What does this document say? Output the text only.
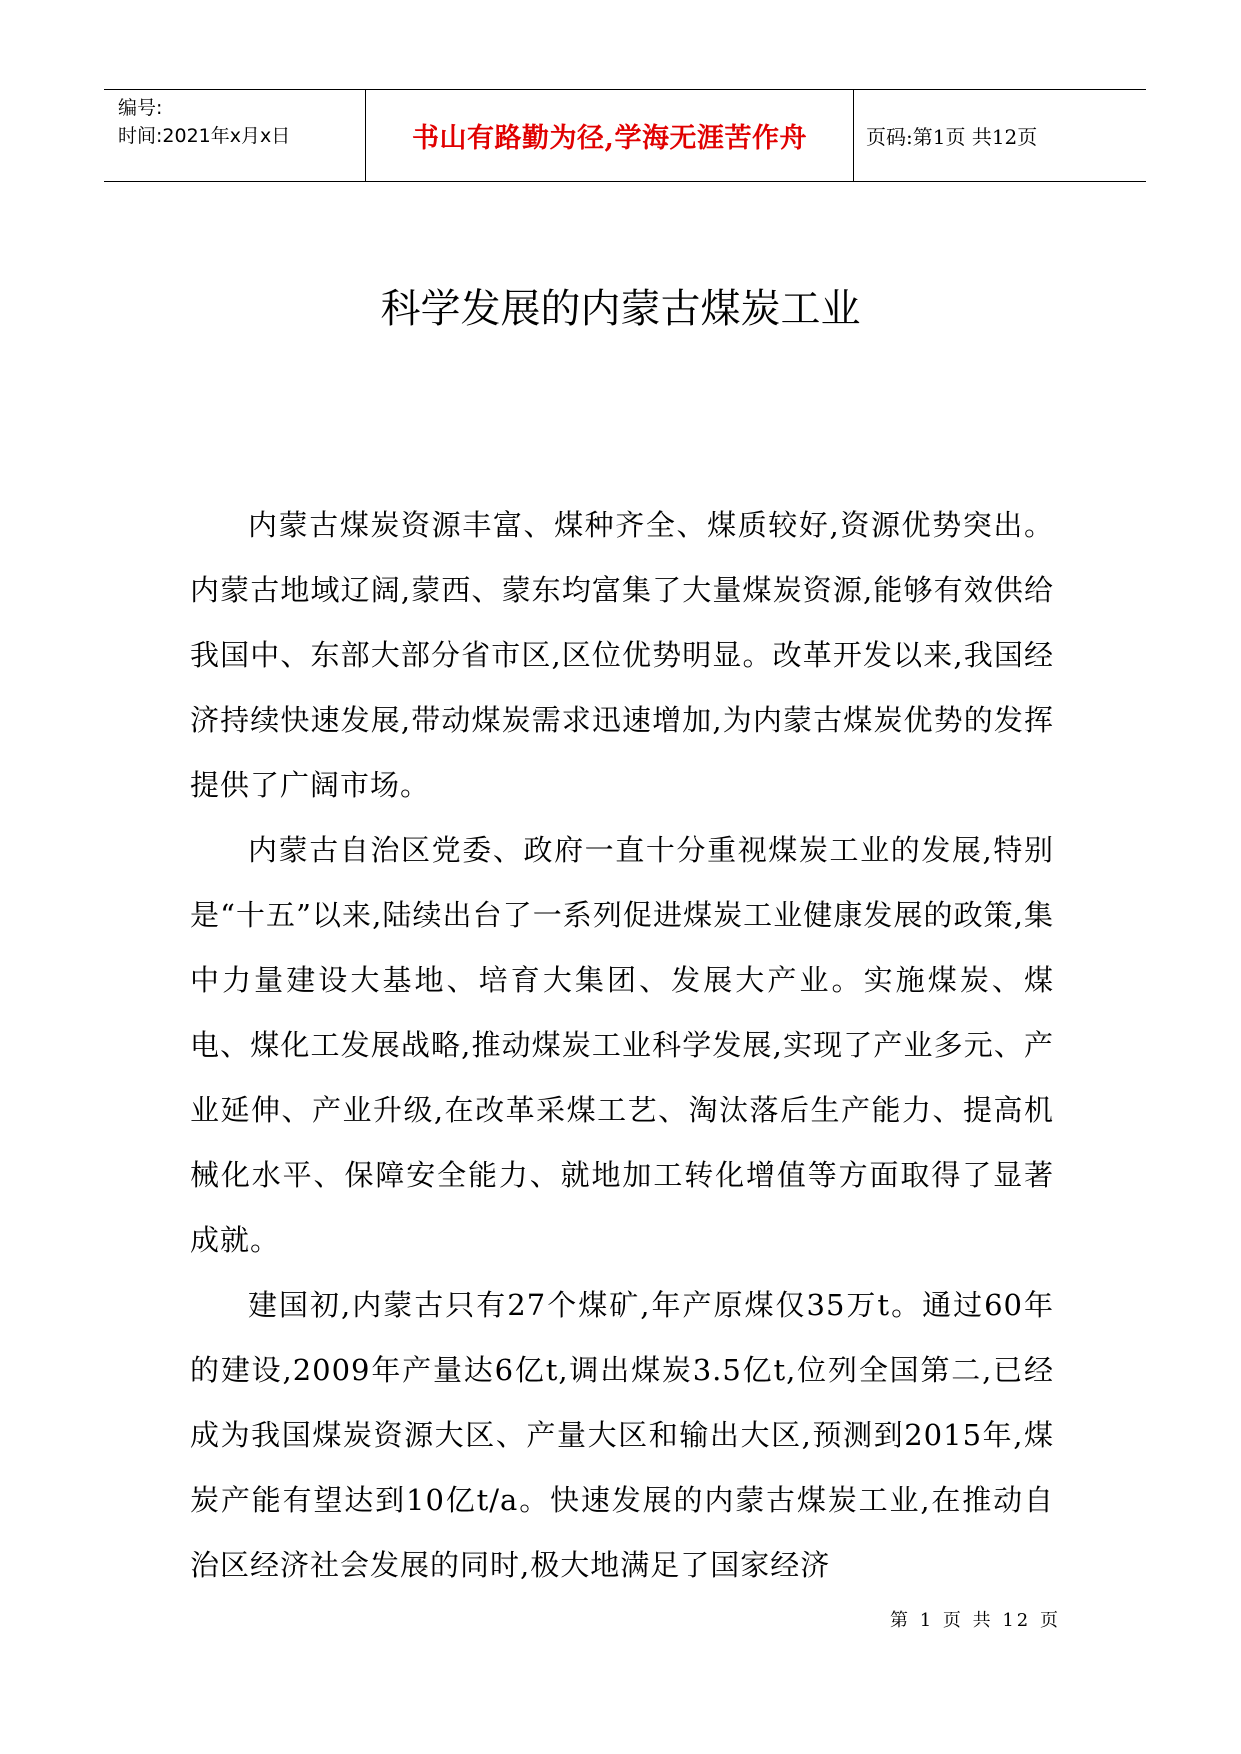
编号:
时间:2021年x月x日	书山有路勤为径,学海无涯苦作舟	页码:第1页 共12页
科学发展的内蒙古煤炭工业

内蒙古煤炭资源丰富、煤种齐全、煤质较好,资源优势突出。内蒙古地域辽阔,蒙西、蒙东均富集了大量煤炭资源,能够有效供给我国中、东部大部分省市区,区位优势明显。改革开发以来,我国经济持续快速发展,带动煤炭需求迅速增加,为内蒙古煤炭优势的发挥提供了广阔市场。

内蒙古自治区党委、政府一直十分重视煤炭工业的发展,特别是“十五”以来,陆续出台了一系列促进煤炭工业健康发展的政策,集中力量建设大基地、培育大集团、发展大产业。实施煤炭、煤电、煤化工发展战略,推动煤炭工业科学发展,实现了产业多元、产业延伸、产业升级,在改革采煤工艺、淘汰落后生产能力、提高机械化水平、保障安全能力、就地加工转化增值等方面取得了显著成就。

建国初,内蒙古只有27个煤矿,年产原煤仅35万t。通过60年的建设,2009年产量达6亿t,调出煤炭3.5亿t,位列全国第二,已经成为我国煤炭资源大区、产量大区和输出大区,预测到2015年,煤炭产能有望达到10亿t/a。快速发展的内蒙古煤炭工业,在推动自治区经济社会发展的同时,极大地满足了国家经济

第 1 页 共 12 页
